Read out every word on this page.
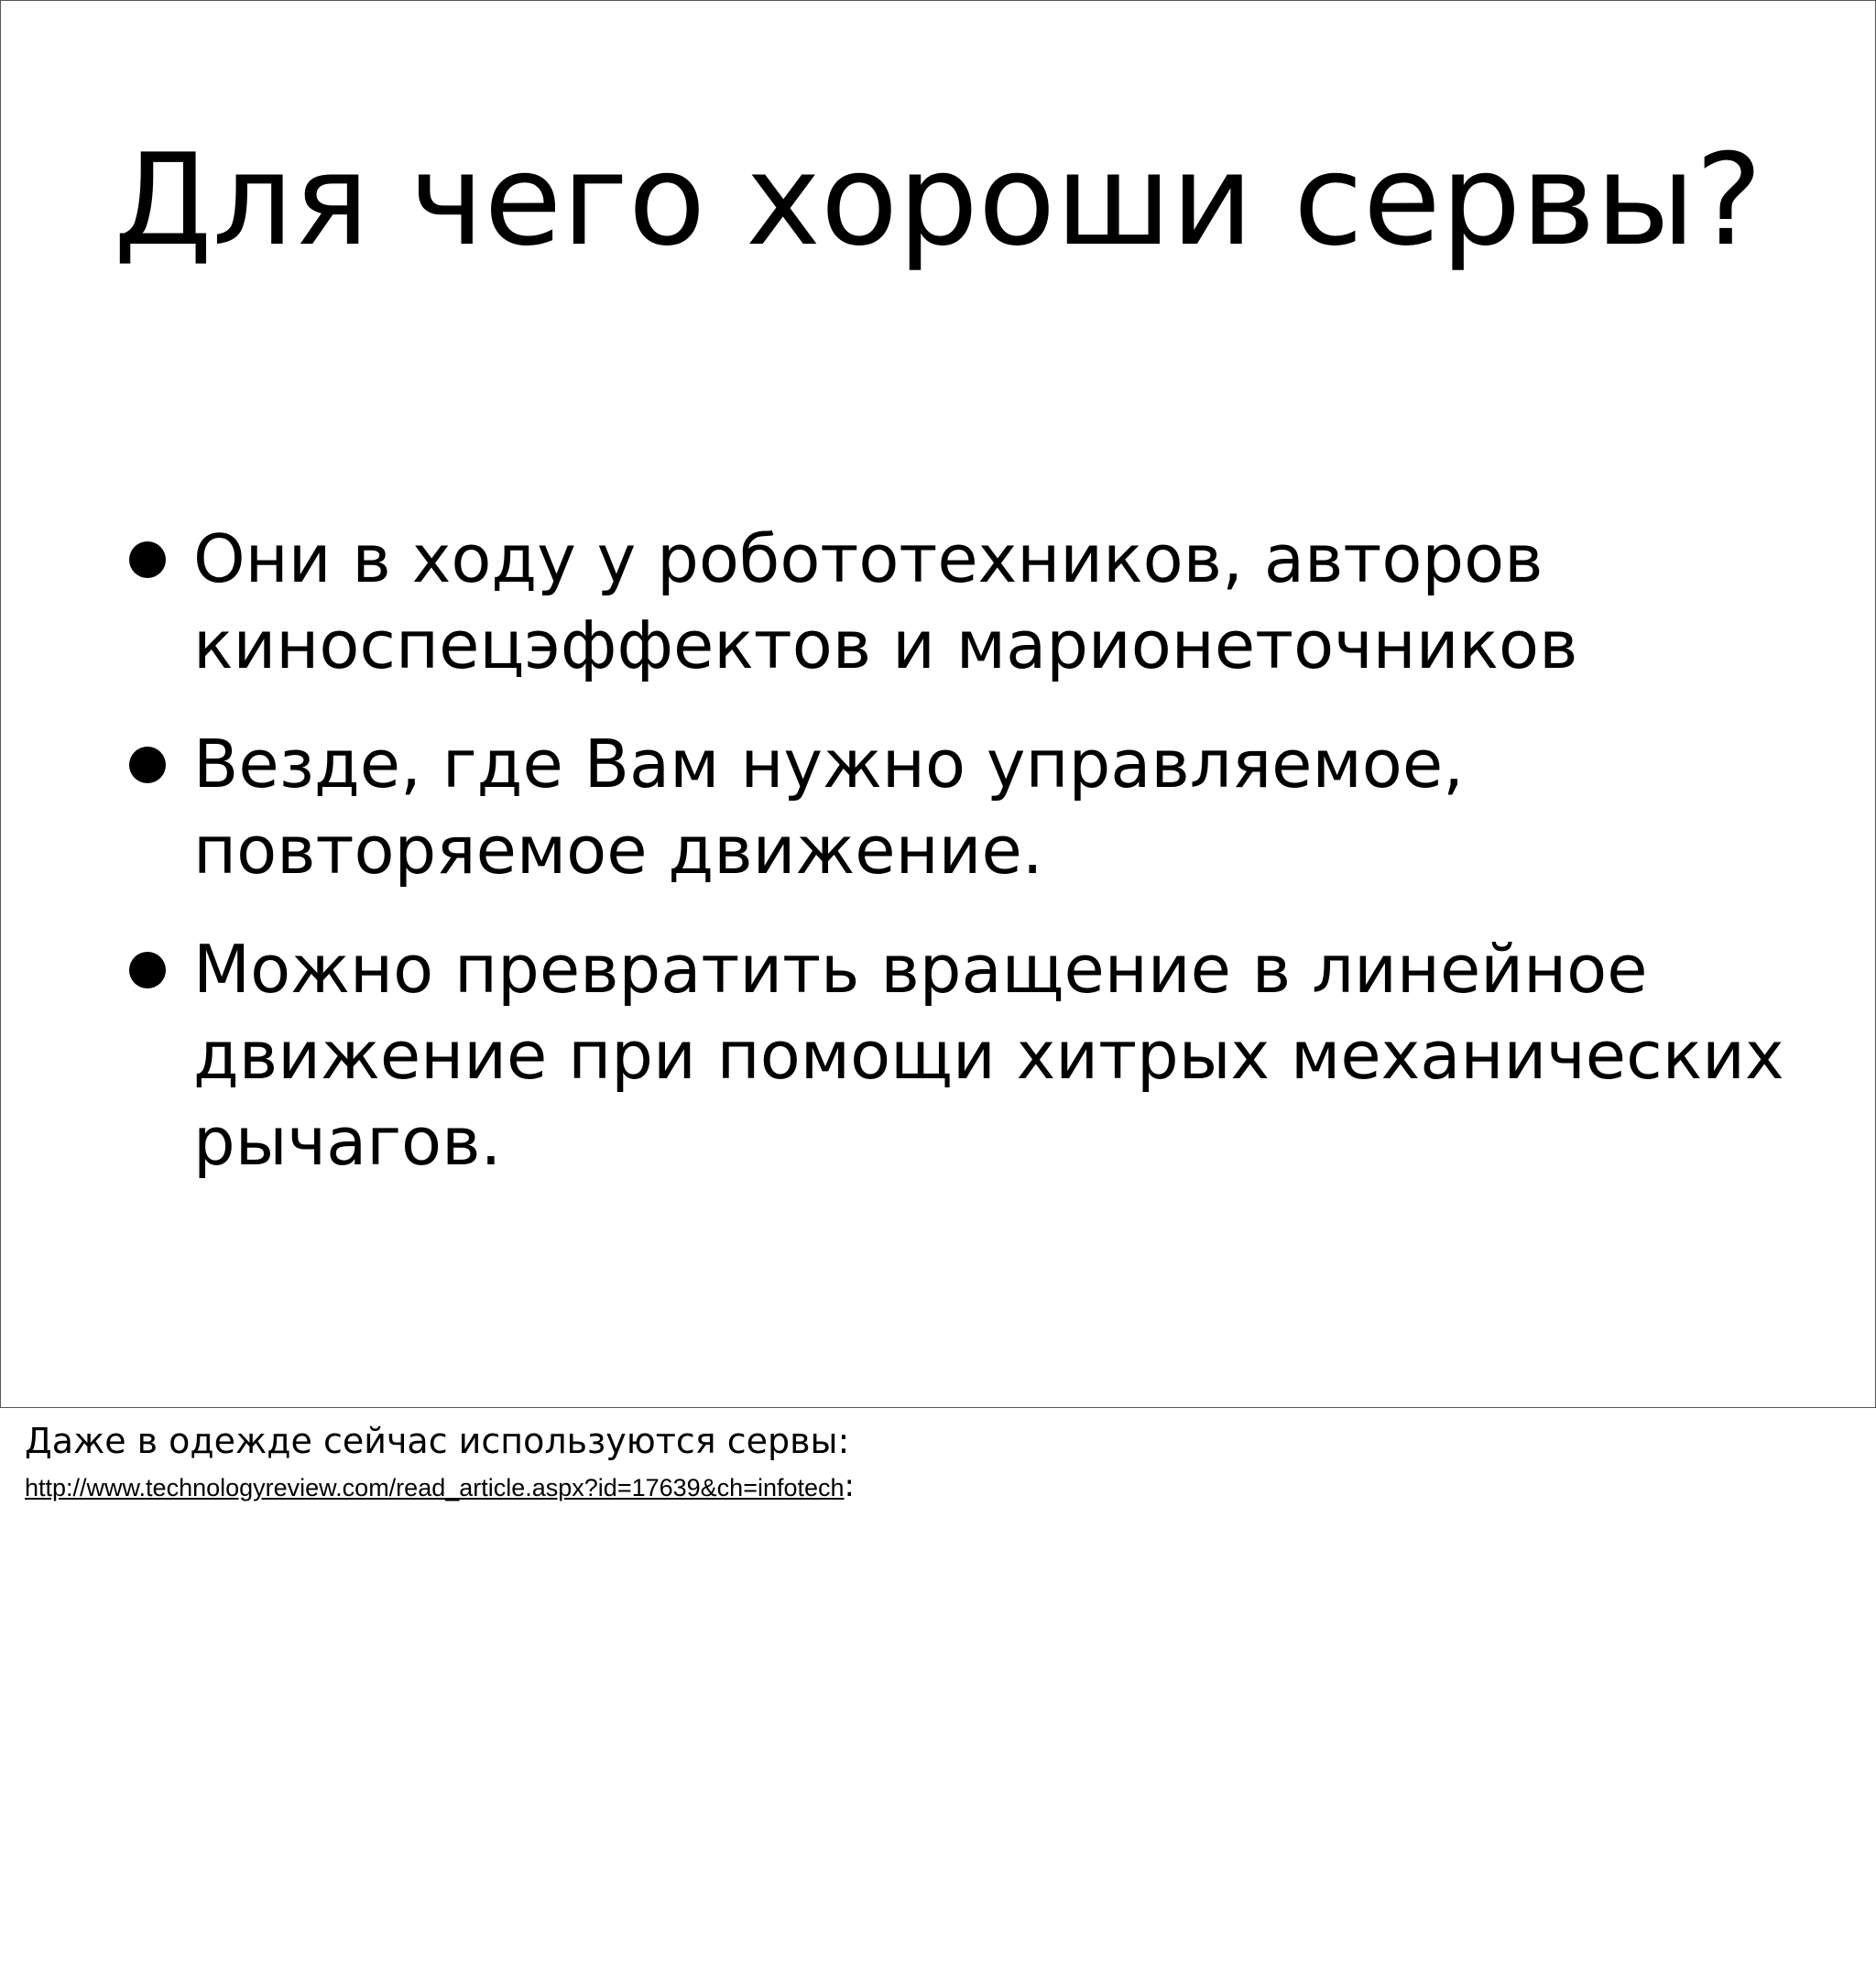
Для чего хороши сервы?
Они в ходу у робототехников, авторов киноспецэффектов и марионеточников
Везде, где Вам нужно управляемое, повторяемое движение.
Можно превратить вращение в линейное движение при помощи хитрых механических рычагов.
Даже в одежде сейчас используются сервы:
http://www.technologyreview.com/read_article.aspx?id=17639&ch=infotech:
